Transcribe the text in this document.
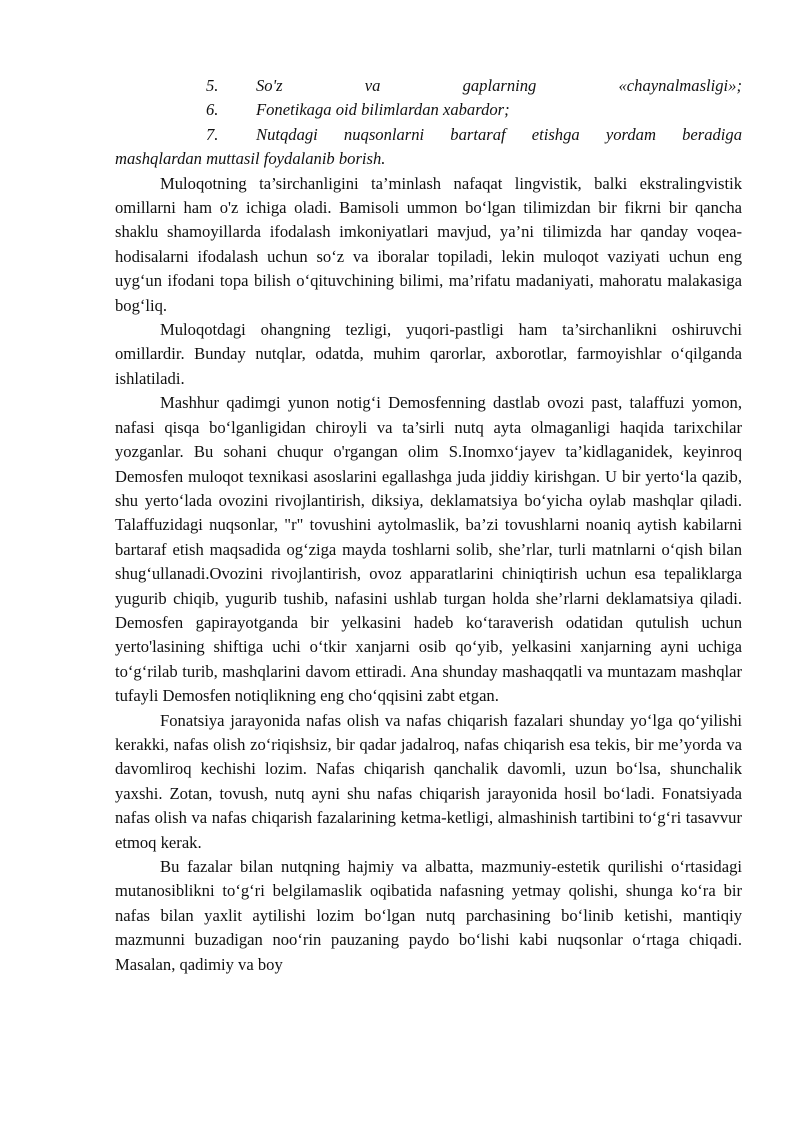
5.	So'z va gaplarning «chaynalmasligi»;
6.	Fonetikaga oid bilimlardan xabardor;
7.	Nutqdagi nuqsonlarni bartaraf etishga yordam beradiga

mashqlardan muttasil foydalanib borish.

Muloqotning ta’sirchanligini ta’minlash nafaqat lingvistik, balki ekstralingvistik omillarni ham o'z ichiga oladi. Bamisoli ummon bo‘lgan tilimizdan bir fikrni bir qancha shaklu shamoyillarda ifodalash imkoniyatlari mavjud, ya’ni tilimizda har qanday voqea-hodisalarni ifodalash uchun so‘z va iboralar topiladi, lekin muloqot vaziyati uchun eng uyg‘un ifodani topa bilish o‘qituvchining bilimi, ma’rifatu madaniyati, mahoratu malakasiga bog‘liq.

Muloqotdagi ohangning tezligi, yuqori-pastligi ham ta’sirchanlikni oshiruvchi omillardir. Bunday nutqlar, odatda, muhim qarorlar, axborotlar, farmoyishlar o‘qilganda ishlatiladi.

Mashhur qadimgi yunon notig‘i Demosfenning dastlab ovozi past, talaffuzi yomon, nafasi qisqa bo‘lganligidan chiroyli va ta’sirli nutq ayta olmaganligi haqida tarixchilar yozganlar. Bu sohani chuqur o'rgangan olim S.Inomxo‘jayev ta’kidlaganidek, keyinroq Demosfen muloqot texnikasi asoslarini egallashga juda jiddiy kirishgan. U bir yerto‘la qazib, shu yerto‘lada ovozini rivojlantirish, diksiya, deklamatsiya bo‘yicha oylab mashqlar qiladi. Talaffuzidagi nuqsonlar, "r" tovushini aytolmaslik, ba’zi tovushlarni noaniq aytish kabilarni bartaraf etish maqsadida og‘ziga mayda toshlarni solib, she’rlar, turli matnlarni o‘qish bilan shug‘ullanadi.Ovozini rivojlantirish, ovoz apparatlarini chiniqtirish uchun esa tepaliklarga yugurib chiqib, yugurib tushib, nafasini ushlab turgan holda she’rlarni deklamatsiya qiladi. Demosfen gapirayotganda bir yelkasini hadeb ko‘taraverish odatidan qutulish uchun yerto'lasining shiftiga uchi o‘tkir xanjarni osib qo‘yib, yelkasini xanjarning ayni uchiga to‘g‘rilab turib, mashqlarini davom ettiradi. Ana shunday mashaqqatli va muntazam mashqlar tufayli Demosfen notiqlikning eng cho‘qqisini zabt etgan.

Fonatsiya jarayonida nafas olish va nafas chiqarish fazalari shunday yo‘lga qo‘yilishi kerakki, nafas olish zo‘riqishsiz, bir qadar jadalroq, nafas chiqarish esa tekis, bir me’yorda va davomliroq kechishi lozim. Nafas chiqarish qanchalik davomli, uzun bo‘lsa, shunchalik yaxshi. Zotan, tovush, nutq ayni shu nafas chiqarish jarayonida hosil bo‘ladi. Fonatsiyada nafas olish va nafas chiqarish fazalarining ketma-ketligi, almashinish tartibini to‘g‘ri tasavvur etmoq kerak.

Bu fazalar bilan nutqning hajmiy va albatta, mazmuniy-estetik qurilishi o‘rtasidagi mutanosiblikni to‘g‘ri belgilamaslik oqibatida nafasning yetmay qolishi, shunga ko‘ra bir nafas bilan yaxlit aytilishi lozim bo‘lgan nutq parchasining bo‘linib ketishi, mantiqiy mazmunni buzadigan noo‘rin pauzaning paydo bo‘lishi kabi nuqsonlar o‘rtaga chiqadi. Masalan, qadimiy va boy
